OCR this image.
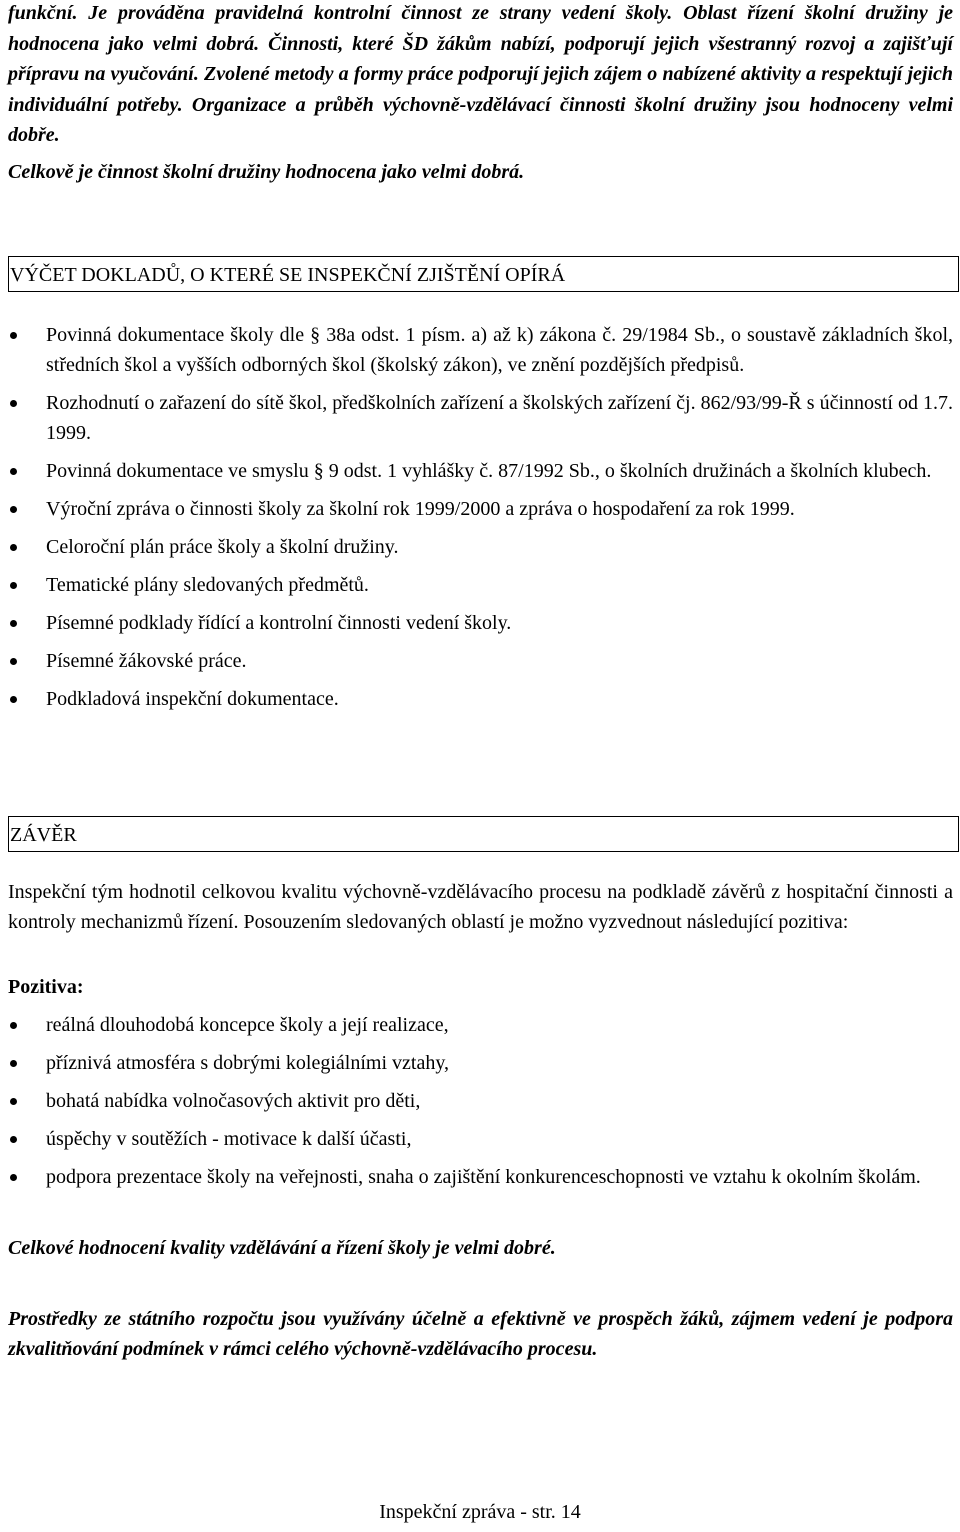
funkční. Je prováděna pravidelná kontrolní činnost ze strany vedení školy. Oblast řízení školní družiny je hodnocena jako velmi dobrá. Činnosti, které ŠD žákům nabízí, podporují jejich všestranný rozvoj a zajišťují přípravu na vyučování. Zvolené metody a formy práce podporují jejich zájem o nabízené aktivity a respektují jejich individuální potřeby. Organizace a průběh výchovně-vzdělávací činnosti školní družiny jsou hodnoceny velmi dobře.

Celkově je činnost školní družiny hodnocena jako velmi dobrá.

VÝČET DOKLADŮ, O KTERÉ SE INSPEKČNÍ ZJIŠTĚNÍ OPÍRÁ
Povinná dokumentace školy dle § 38a odst. 1 písm. a) až k) zákona č. 29/1984 Sb., o soustavě základních škol, středních škol a vyšších odborných škol (školský zákon), ve znění pozdějších předpisů.
Rozhodnutí o zařazení do sítě škol, předškolních zařízení a školských zařízení čj. 862/93/99-Ř s účinností od 1.7. 1999.
Povinná dokumentace ve smyslu § 9 odst. 1 vyhlášky č. 87/1992 Sb., o školních družinách a školních klubech.
Výroční zpráva o činnosti školy za školní rok 1999/2000 a zpráva o hospodaření za rok 1999.
Celoroční plán práce školy a školní družiny.
Tematické plány sledovaných předmětů.
Písemné podklady řídící a kontrolní činnosti vedení školy.
Písemné žákovské práce.
Podkladová inspekční dokumentace.
ZÁVĚR

Inspekční tým hodnotil celkovou kvalitu výchovně-vzdělávacího procesu na podkladě závěrů z hospitační činnosti a kontroly mechanizmů řízení. Posouzením sledovaných oblastí je možno vyzvednout následující pozitiva:

Pozitiva:

reálná dlouhodobá koncepce školy a její realizace,
příznivá atmosféra s dobrými kolegiálními vztahy,
bohatá nabídka volnočasových aktivit pro děti,
úspěchy v soutěžích - motivace k další účasti,
podpora prezentace školy na veřejnosti, snaha o zajištění konkurenceschopnosti ve vztahu k okolním školám.

Celkové hodnocení kvality vzdělávání a řízení školy je velmi dobré.

Prostředky ze státního rozpočtu jsou využívány účelně a efektivně ve prospěch žáků, zájmem vedení je podpora zkvalitňování podmínek v rámci celého výchovně-vzdělávacího procesu.

Inspekční zpráva - str. 14
